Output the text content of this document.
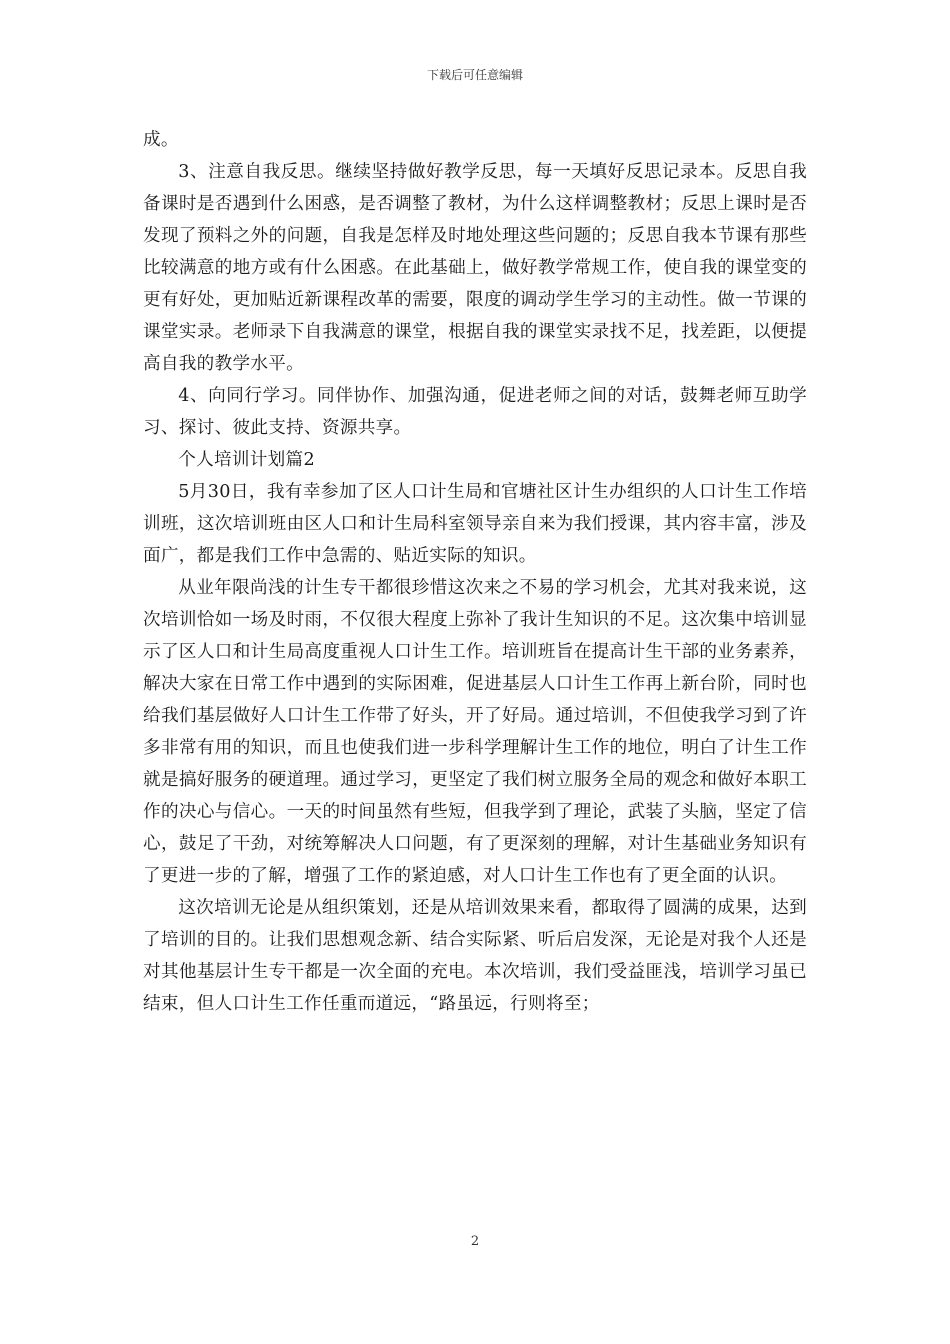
下载后可任意编辑

成。

3、注意自我反思。继续坚持做好教学反思，每一天填好反思记录本。反思自我备课时是否遇到什么困惑，是否调整了教材，为什么这样调整教材；反思上课时是否发现了预料之外的问题，自我是怎样及时地处理这些问题的；反思自我本节课有那些比较满意的地方或有什么困惑。在此基础上，做好教学常规工作，使自我的课堂变的更有好处，更加贴近新课程改革的需要，限度的调动学生学习的主动性。做一节课的课堂实录。老师录下自我满意的课堂，根据自我的课堂实录找不足，找差距，以便提高自我的教学水平。

4、向同行学习。同伴协作、加强沟通，促进老师之间的对话，鼓舞老师互助学习、探讨、彼此支持、资源共享。

个人培训计划篇2

5月30日，我有幸参加了区人口计生局和官塘社区计生办组织的人口计生工作培训班，这次培训班由区人口和计生局科室领导亲自来为我们授课，其内容丰富，涉及面广，都是我们工作中急需的、贴近实际的知识。

从业年限尚浅的计生专干都很珍惜这次来之不易的学习机会，尤其对我来说，这次培训恰如一场及时雨，不仅很大程度上弥补了我计生知识的不足。这次集中培训显示了区人口和计生局高度重视人口计生工作。培训班旨在提高计生干部的业务素养，解决大家在日常工作中遇到的实际困难，促进基层人口计生工作再上新台阶，同时也给我们基层做好人口计生工作带了好头，开了好局。通过培训，不但使我学习到了许多非常有用的知识，而且也使我们进一步科学理解计生工作的地位，明白了计生工作就是搞好服务的硬道理。通过学习，更坚定了我们树立服务全局的观念和做好本职工作的决心与信心。一天的时间虽然有些短，但我学到了理论，武装了头脑，坚定了信心，鼓足了干劲，对统筹解决人口问题，有了更深刻的理解，对计生基础业务知识有了更进一步的了解，增强了工作的紧迫感，对人口计生工作也有了更全面的认识。

这次培训无论是从组织策划，还是从培训效果来看，都取得了圆满的成果，达到了培训的目的。让我们思想观念新、结合实际紧、听后启发深，无论是对我个人还是对其他基层计生专干都是一次全面的充电。本次培训，我们受益匪浅，培训学习虽已结束，但人口计生工作任重而道远，“路虽远，行则将至；

2
